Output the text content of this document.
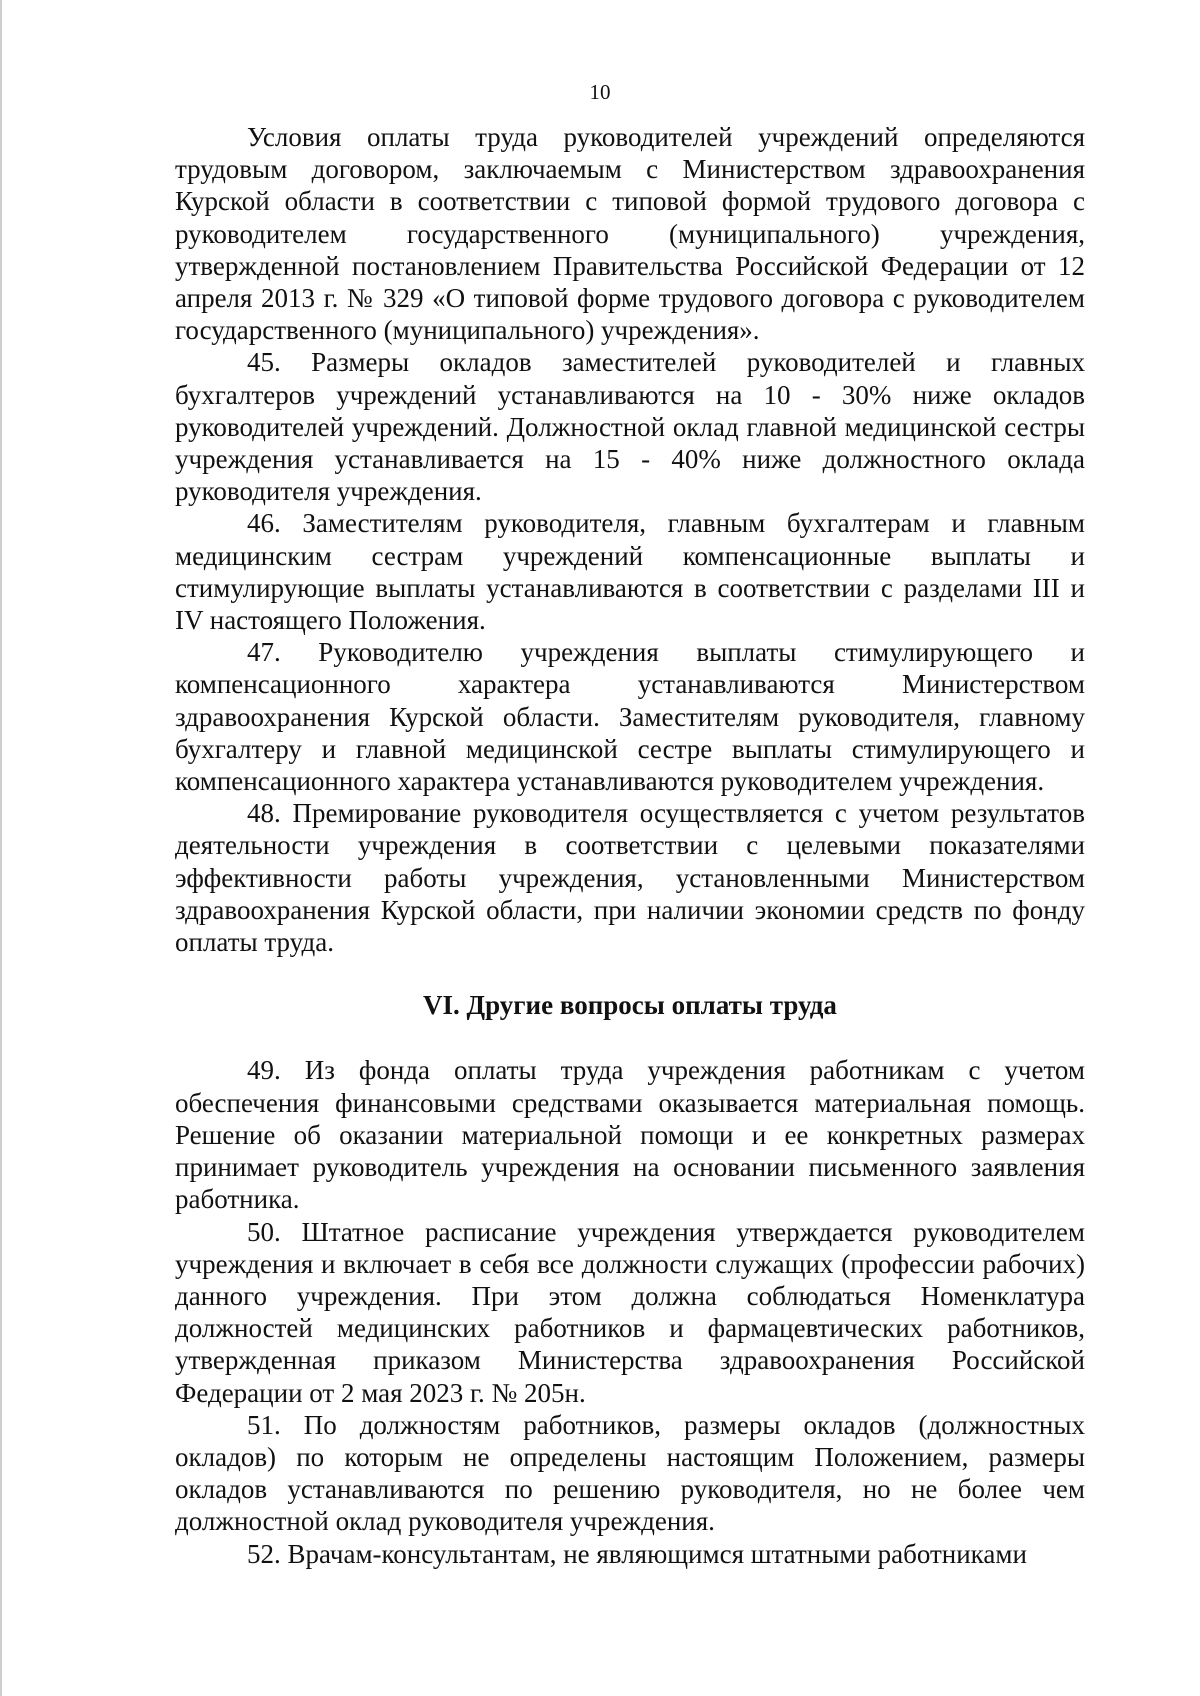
10

Условия оплаты труда руководителей учреждений определяются трудовым договором, заключаемым с Министерством здравоохранения Курской области в соответствии с типовой формой трудового договора с руководителем государственного (муниципального) учреждения, утвержденной постановлением Правительства Российской Федерации от 12 апреля 2013 г. № 329 «О типовой форме трудового договора с руководителем государственного (муниципального) учреждения».

45. Размеры окладов заместителей руководителей и главных бухгалтеров учреждений устанавливаются на 10 - 30% ниже окладов руководителей учреждений. Должностной оклад главной медицинской сестры учреждения устанавливается на 15 - 40% ниже должностного оклада руководителя учреждения.

46. Заместителям руководителя, главным бухгалтерам и главным медицинским сестрам учреждений компенсационные выплаты и стимулирующие выплаты устанавливаются в соответствии с разделами III и IV настоящего Положения.

47. Руководителю учреждения выплаты стимулирующего и компенсационного характера устанавливаются Министерством здравоохранения Курской области. Заместителям руководителя, главному бухгалтеру и главной медицинской сестре выплаты стимулирующего и компенсационного характера устанавливаются руководителем учреждения.

48. Премирование руководителя осуществляется с учетом результатов деятельности учреждения в соответствии с целевыми показателями эффективности работы учреждения, установленными Министерством здравоохранения Курской области, при наличии экономии средств по фонду оплаты труда.

VI. Другие вопросы оплаты труда

49. Из фонда оплаты труда учреждения работникам с учетом обеспечения финансовыми средствами оказывается материальная помощь. Решение об оказании материальной помощи и ее конкретных размерах принимает руководитель учреждения на основании письменного заявления работника.

50. Штатное расписание учреждения утверждается руководителем учреждения и включает в себя все должности служащих (профессии рабочих) данного учреждения. При этом должна соблюдаться Номенклатура должностей медицинских работников и фармацевтических работников, утвержденная приказом Министерства здравоохранения Российской Федерации от 2 мая 2023 г. № 205н.

51. По должностям работников, размеры окладов (должностных окладов) по которым не определены настоящим Положением, размеры окладов устанавливаются по решению руководителя, но не более чем должностной оклад руководителя учреждения.

52. Врачам-консультантам, не являющимся штатными работниками
